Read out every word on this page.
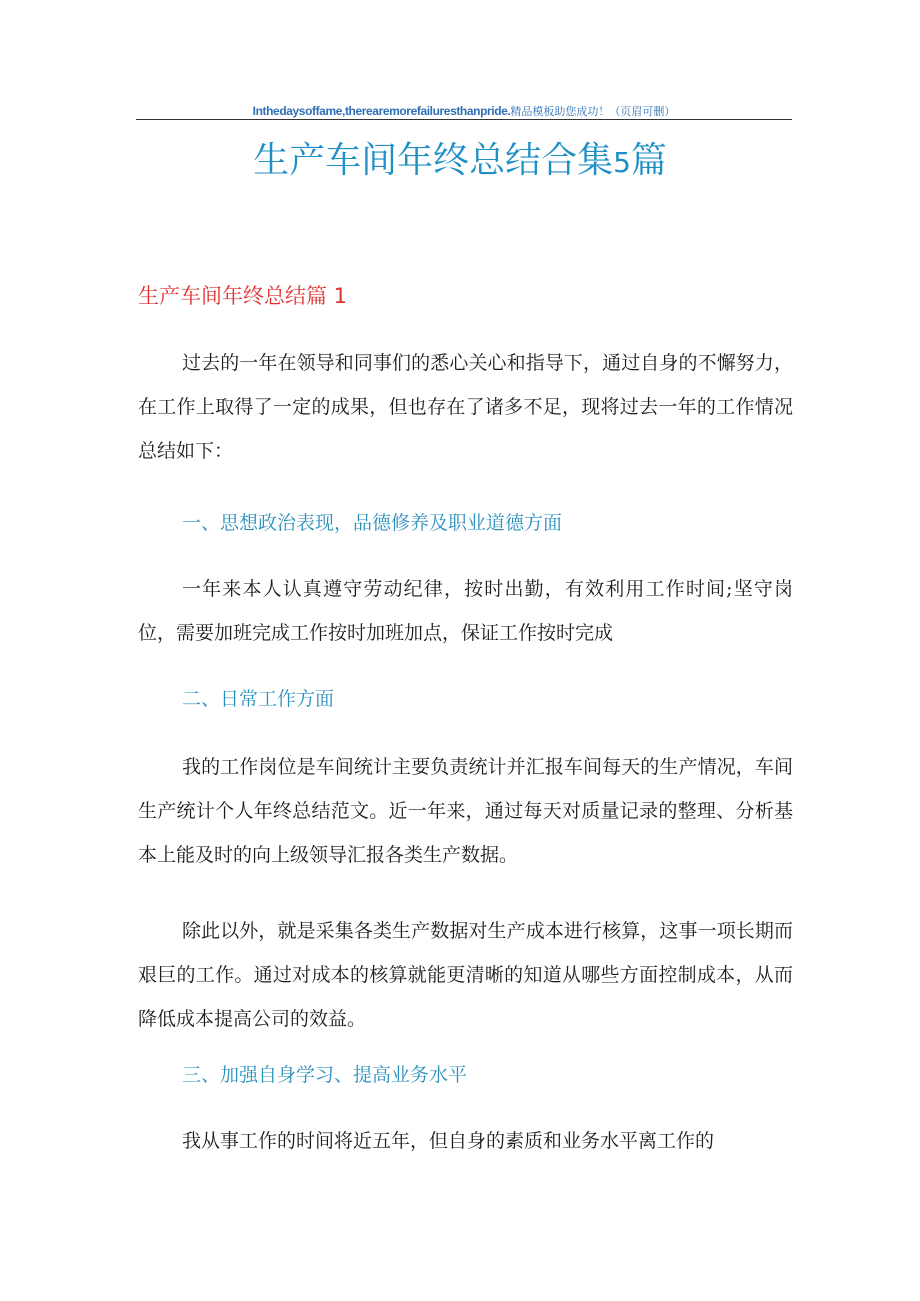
Inthedaysoffame,therearemorefailuresthanpride.精品模板助您成功！（页眉可删）
生产车间年终总结合集5篇
生产车间年终总结篇 1

过去的一年在领导和同事们的悉心关心和指导下，通过自身的不懈努力，在工作上取得了一定的成果，但也存在了诸多不足，现将过去一年的工作情况总结如下：

一、思想政治表现，品德修养及职业道德方面

一年来本人认真遵守劳动纪律，按时出勤，有效利用工作时间;坚守岗位，需要加班完成工作按时加班加点，保证工作按时完成

二、日常工作方面

我的工作岗位是车间统计主要负责统计并汇报车间每天的生产情况，车间生产统计个人年终总结范文。近一年来，通过每天对质量记录的整理、分析基本上能及时的向上级领导汇报各类生产数据。

除此以外，就是采集各类生产数据对生产成本进行核算，这事一项长期而艰巨的工作。通过对成本的核算就能更清晰的知道从哪些方面控制成本，从而降低成本提高公司的效益。

三、加强自身学习、提高业务水平

我从事工作的时间将近五年，但自身的素质和业务水平离工作的
